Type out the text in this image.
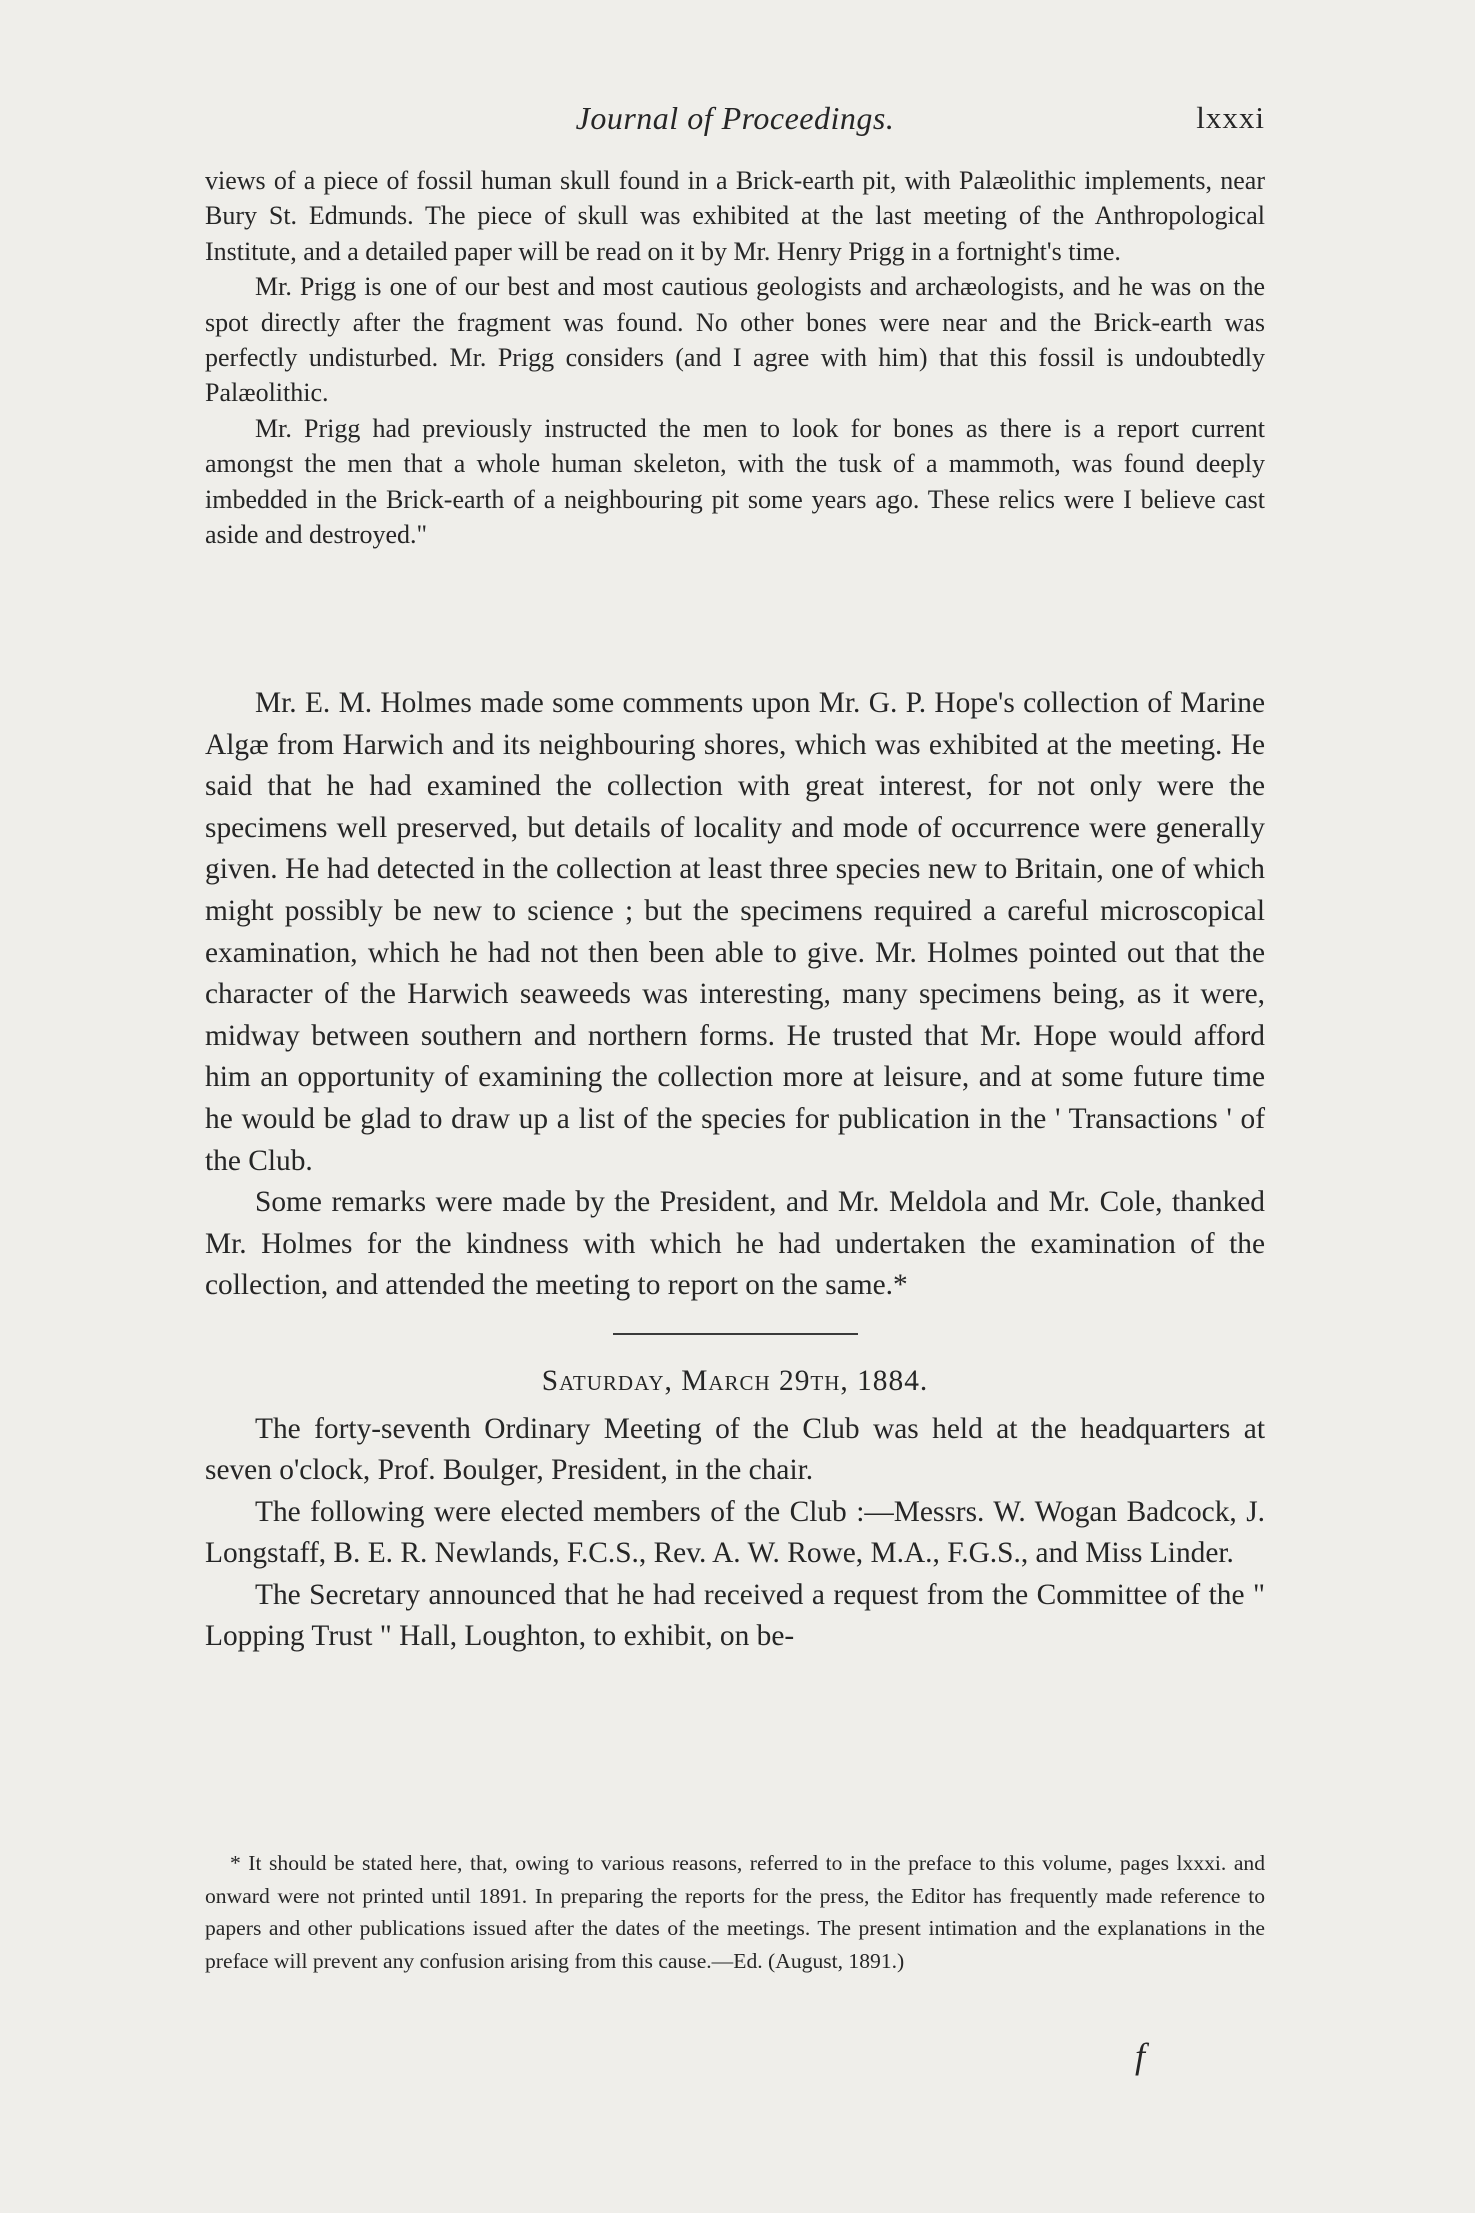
Journal of Proceedings.	lxxxi

views of a piece of fossil human skull found in a Brick-earth pit, with Palæolithic implements, near Bury St. Edmunds. The piece of skull was exhibited at the last meeting of the Anthropological Institute, and a detailed paper will be read on it by Mr. Henry Prigg in a fortnight's time.

Mr. Prigg is one of our best and most cautious geologists and archæologists, and he was on the spot directly after the fragment was found. No other bones were near and the Brick-earth was perfectly undisturbed. Mr. Prigg considers (and I agree with him) that this fossil is undoubtedly Palæolithic.

Mr. Prigg had previously instructed the men to look for bones as there is a report current amongst the men that a whole human skeleton, with the tusk of a mammoth, was found deeply imbedded in the Brick-earth of a neighbouring pit some years ago. These relics were I believe cast aside and destroyed."

Mr. E. M. Holmes made some comments upon Mr. G. P. Hope's collection of Marine Algæ from Harwich and its neighbouring shores, which was exhibited at the meeting. He said that he had examined the collection with great interest, for not only were the specimens well preserved, but details of locality and mode of occurrence were generally given. He had detected in the collection at least three species new to Britain, one of which might possibly be new to science ; but the specimens required a careful microscopical examination, which he had not then been able to give. Mr. Holmes pointed out that the character of the Harwich seaweeds was interesting, many specimens being, as it were, midway between southern and northern forms. He trusted that Mr. Hope would afford him an opportunity of examining the collection more at leisure, and at some future time he would be glad to draw up a list of the species for publication in the ' Transactions ' of the Club.

Some remarks were made by the President, and Mr. Meldola and Mr. Cole, thanked Mr. Holmes for the kindness with which he had undertaken the examination of the collection, and attended the meeting to report on the same.*

Saturday, March 29th, 1884.

The forty-seventh Ordinary Meeting of the Club was held at the headquarters at seven o'clock, Prof. Boulger, President, in the chair.

The following were elected members of the Club :—Messrs. W. Wogan Badcock, J. Longstaff, B. E. R. Newlands, F.C.S., Rev. A. W. Rowe, M.A., F.G.S., and Miss Linder.

The Secretary announced that he had received a request from the Committee of the " Lopping Trust " Hall, Loughton, to exhibit, on be-

* It should be stated here, that, owing to various reasons, referred to in the preface to this volume, pages lxxxi. and onward were not printed until 1891. In preparing the reports for the press, the Editor has frequently made reference to papers and other publications issued after the dates of the meetings. The present intimation and the explanations in the preface will prevent any confusion arising from this cause.—Ed. (August, 1891.)

f
